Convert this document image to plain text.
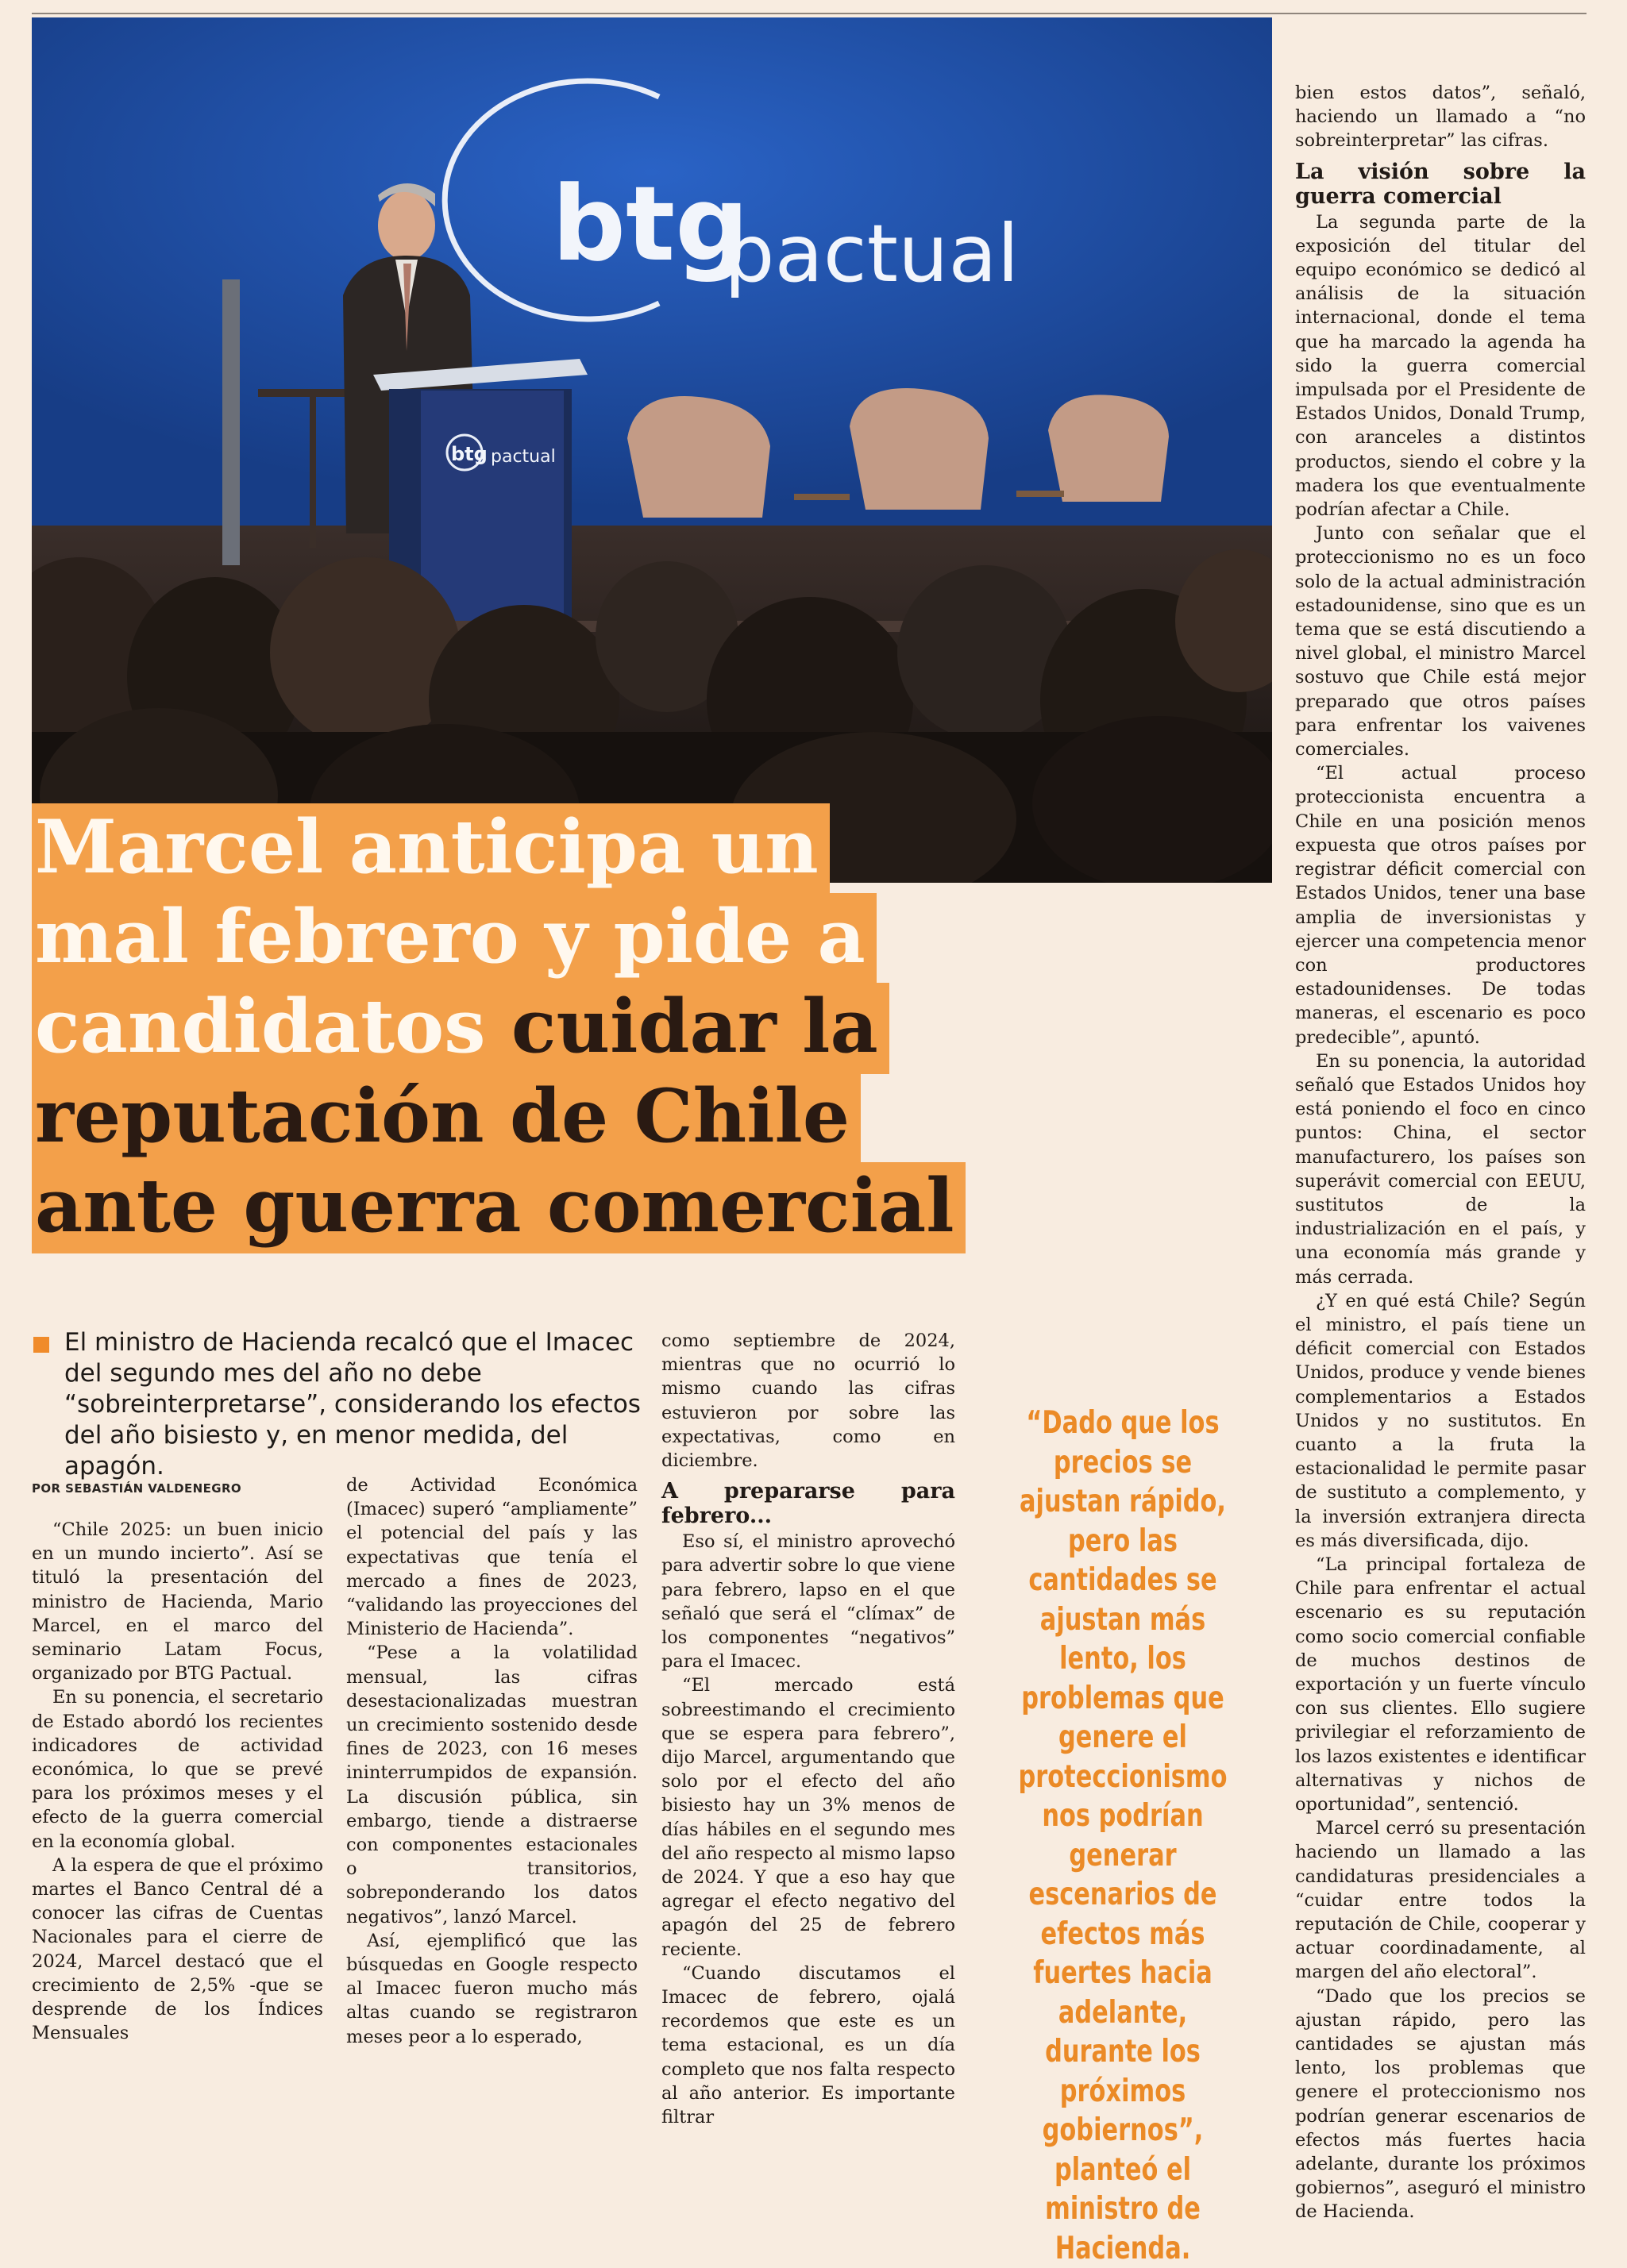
btg
pactual
btg pactual
Marcel anticipa un
mal febrero y pide a
candidatos cuidar la
reputación de Chile
ante guerra comercial
El ministro de Hacienda recalcó que el Imacec del segundo mes del año no debe “sobreinterpretarse”, considerando los efectos del año bisiesto y, en menor medida, del apagón.
POR SEBASTIÁN VALDENEGRO

“Chile 2025: un buen inicio en un mundo incierto”. Así se tituló la presentación del ministro de Hacienda, Mario Marcel, en el marco del seminario Latam Focus, organizado por BTG Pactual.

En su ponencia, el secretario de Estado abordó los recientes indicadores de actividad económica, lo que se prevé para los próximos meses y el efecto de la guerra comercial en la economía global.

A la espera de que el próximo martes el Banco Central dé a conocer las cifras de Cuentas Nacionales para el cierre de 2024, Marcel destacó que el crecimiento de 2,5% -que se desprende de los Índices Mensuales

de Actividad Económica (Imacec) superó “ampliamente” el potencial del país y las expectativas que tenía el mercado a fines de 2023, “validando las proyecciones del Ministerio de Hacienda”.

“Pese a la volatilidad mensual, las cifras desestacionalizadas muestran un crecimiento sostenido desde fines de 2023, con 16 meses ininterrumpidos de expansión. La discusión pública, sin embargo, tiende a distraerse con componentes estacionales o transitorios, sobreponderando los datos negativos”, lanzó Marcel.

Así, ejemplificó que las búsquedas en Google respecto al Imacec fueron mucho más altas cuando se registraron meses peor a lo esperado,

como septiembre de 2024, mientras que no ocurrió lo mismo cuando las cifras estuvieron por sobre las expectativas, como en diciembre.

A prepararse para febrero...

Eso sí, el ministro aprovechó para advertir sobre lo que viene para febrero, lapso en el que señaló que será el “clímax” de los componentes “negativos” para el Imacec.

“El mercado está sobreestimando el crecimiento que se espera para febrero”, dijo Marcel, argumentando que solo por el efecto del año bisiesto hay un 3% menos de días hábiles en el segundo mes del año respecto al mismo lapso de 2024. Y que a eso hay que agregar el efecto negativo del apagón del 25 de febrero reciente.

“Cuando discutamos el Imacec de febrero, ojalá recordemos que este es un tema estacional, es un día completo que nos falta respecto al año anterior. Es importante filtrar

“Dado que los precios se ajustan rápido, pero las cantidades se ajustan más lento, los problemas que genere el proteccionismo nos podrían generar escenarios de efectos más fuertes hacia adelante, durante los próximos gobiernos”, planteó el ministro de Hacienda.

bien estos datos”, señaló, haciendo un llamado a “no sobreinterpretar” las cifras.

La visión sobre la guerra comercial

La segunda parte de la exposición del titular del equipo económico se dedicó al análisis de la situación internacional, donde el tema que ha marcado la agenda ha sido la guerra comercial impulsada por el Presidente de Estados Unidos, Donald Trump, con aranceles a distintos productos, siendo el cobre y la madera los que eventualmente podrían afectar a Chile.

Junto con señalar que el proteccionismo no es un foco solo de la actual administración estadounidense, sino que es un tema que se está discutiendo a nivel global, el ministro Marcel sostuvo que Chile está mejor preparado que otros países para enfrentar los vaivenes comerciales.

“El actual proceso proteccionista encuentra a Chile en una posición menos expuesta que otros países por registrar déficit comercial con Estados Unidos, tener una base amplia de inversionistas y ejercer una competencia menor con productores estadounidenses. De todas maneras, el escenario es poco predecible”, apuntó.

En su ponencia, la autoridad señaló que Estados Unidos hoy está poniendo el foco en cinco puntos: China, el sector manufacturero, los países son superávit comercial con EEUU, sustitutos de la industrialización en el país, y una economía más grande y más cerrada.

¿Y en qué está Chile? Según el ministro, el país tiene un déficit comercial con Estados Unidos, produce y vende bienes complementarios a Estados Unidos y no sustitutos. En cuanto a la fruta la estacionalidad le permite pasar de sustituto a complemento, y la inversión extranjera directa es más diversificada, dijo.

“La principal fortaleza de Chile para enfrentar el actual escenario es su reputación como socio comercial confiable de muchos destinos de exportación y un fuerte vínculo con sus clientes. Ello sugiere privilegiar el reforzamiento de los lazos existentes e identificar alternativas y nichos de oportunidad”, sentenció.

Marcel cerró su presentación haciendo un llamado a las candidaturas presidenciales a “cuidar entre todos la reputación de Chile, cooperar y actuar coordinadamente, al margen del año electoral”.

“Dado que los precios se ajustan rápido, pero las cantidades se ajustan más lento, los problemas que genere el proteccionismo nos podrían generar escenarios de efectos más fuertes hacia adelante, durante los próximos gobiernos”, aseguró el ministro de Hacienda.
